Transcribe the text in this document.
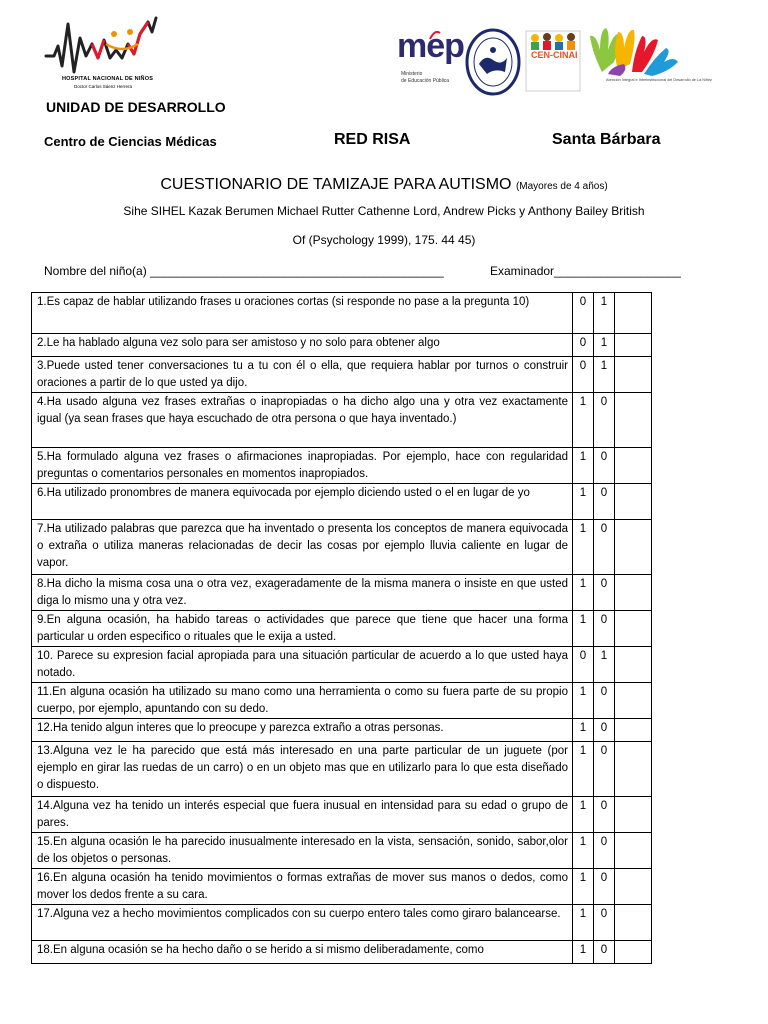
HOSPITAL NACIONAL DE NIÑOS
Doctor Carlos Sáenz Herrera
mep
Ministerio
de Educación Pública
CEN-CINAI
Atención Integral e Interinstitucional del Desarrollo de La Niñez
UNIDAD DE DESARROLLO
Centro de Ciencias Médicas	RED RISA	Santa Bárbara
CUESTIONARIO DE TAMIZAJE PARA AUTISMO (Mayores de 4 años)
Sihe SIHEL Kazak Berumen Michael Rutter Cathenne Lord, Andrew Picks y Anthony Bailey British
Of (Psychology 1999), 175. 44 45)
Nombre del niño(a) ____________________________________________	Examinador___________________
1.Es capaz de hablar utilizando frases u oraciones cortas (si responde no pase a la pregunta 10)	0	1	
2.Le ha hablado alguna vez solo para ser amistoso y no solo para obtener algo	0	1	
3.Puede usted tener conversaciones tu a tu con él o ella, que requiera hablar por turnos o construir oraciones a partir de lo que usted ya dijo.	0	1	
4.Ha usado alguna vez frases extrañas o inapropiadas o ha dicho algo una y otra vez exactamente igual (ya sean frases que haya escuchado de otra persona o que haya inventado.)	1	0	
5.Ha formulado alguna vez frases o afirmaciones inapropiadas. Por ejemplo, hace con regularidad preguntas o comentarios personales en momentos inapropiados.	1	0	
6.Ha utilizado pronombres de manera equivocada por ejemplo diciendo usted o el en lugar de yo	1	0	
7.Ha utilizado palabras que parezca que ha inventado o presenta los conceptos de manera equivocada o extraña o utiliza maneras relacionadas de decir las cosas por ejemplo lluvia caliente en lugar de vapor.	1	0	
8.Ha dicho la misma cosa una o otra vez, exageradamente de la misma manera o insiste en que usted diga lo mismo una y otra vez.	1	0	
9.En alguna ocasión, ha habido tareas o actividades que parece que tiene que hacer una forma particular u orden especifico o rituales que le exija a usted.	1	0	
10. Parece su expresion facial apropiada para una situación particular de acuerdo a lo que usted haya notado.	0	1	
11.En alguna ocasión ha utilizado su mano como una herramienta o como su fuera parte de su propio cuerpo, por ejemplo, apuntando con su dedo.	1	0	
12.Ha tenido algun interes que lo preocupe y parezca extraño a otras personas.	1	0	
13.Alguna vez le ha parecido que está más interesado en una parte particular de un juguete (por ejemplo en girar las ruedas de un carro) o en un objeto mas que en utilizarlo para lo que esta diseñado o dispuesto.	1	0	
14.Alguna vez ha tenido un interés especial que fuera inusual en intensidad para su edad o grupo de pares.	1	0	
15.En alguna ocasión le ha parecido inusualmente interesado en la vista, sensación, sonido, sabor,olor de los objetos o personas.	1	0	
16.En alguna ocasión ha tenido movimientos o formas extrañas de mover sus manos o dedos, como mover los dedos frente a su cara.	1	0	
17.Alguna vez a hecho movimientos complicados con su cuerpo entero tales como giraro balancearse.	1	0	
18.En alguna ocasión se ha hecho daño o se herido a si mismo deliberadamente, como	1	0	
